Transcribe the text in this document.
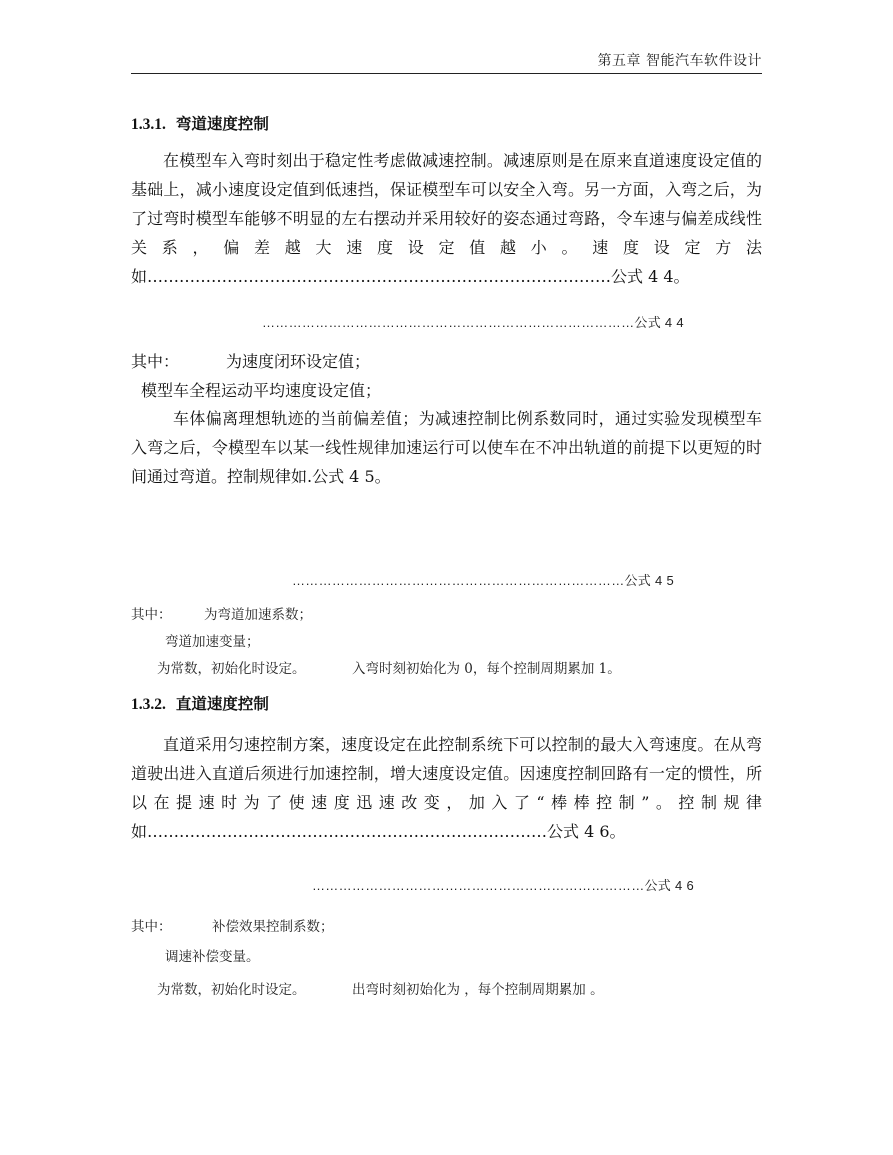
第五章 智能汽车软件设计
1.3.1. 弯道速度控制
在模型车入弯时刻出于稳定性考虑做减速控制。减速原则是在原来直道速度设定值的基础上，减小速度设定值到低速挡，保证模型车可以安全入弯。另一方面，入弯之后，为了过弯时模型车能够不明显的左右摆动并采用较好的姿态通过弯路，令车速与偏差成线性关系，偏差越大速度设定值越小。速度设定方法如……………………………………………………………………………公式 4 4。
…………………………………………………………………………公式 4 4
其中：	为速度闭环设定值；
模型车全程运动平均速度设定值；
车体偏离理想轨迹的当前偏差值；为减速控制比例系数同时，通过实验发现模型车入弯之后，令模型车以某一线性规律加速运行可以使车在不冲出轨道的前提下以更短的时间通过弯道。控制规律如.公式 4 5。
…………………………………………………………………公式 4 5
其中： 为弯道加速系数；
弯道加速变量；
为常数，初始化时设定。	入弯时刻初始化为 0，每个控制周期累加 1。
1.3.2. 直道速度控制
直道采用匀速控制方案，速度设定在此控制系统下可以控制的最大入弯速度。在从弯道驶出进入直道后须进行加速控制，增大速度设定值。因速度控制回路有一定的惯性，所以在提速时为了使速度迅速改变，加入了“棒棒控制”。控制规律如…………………………………………………………………公式 4 6。
…………………………………………………………………公式 4 6
其中：	补偿效果控制系数；
调速补偿变量。
为常数，初始化时设定。	出弯时刻初始化为 ，每个控制周期累加 。
